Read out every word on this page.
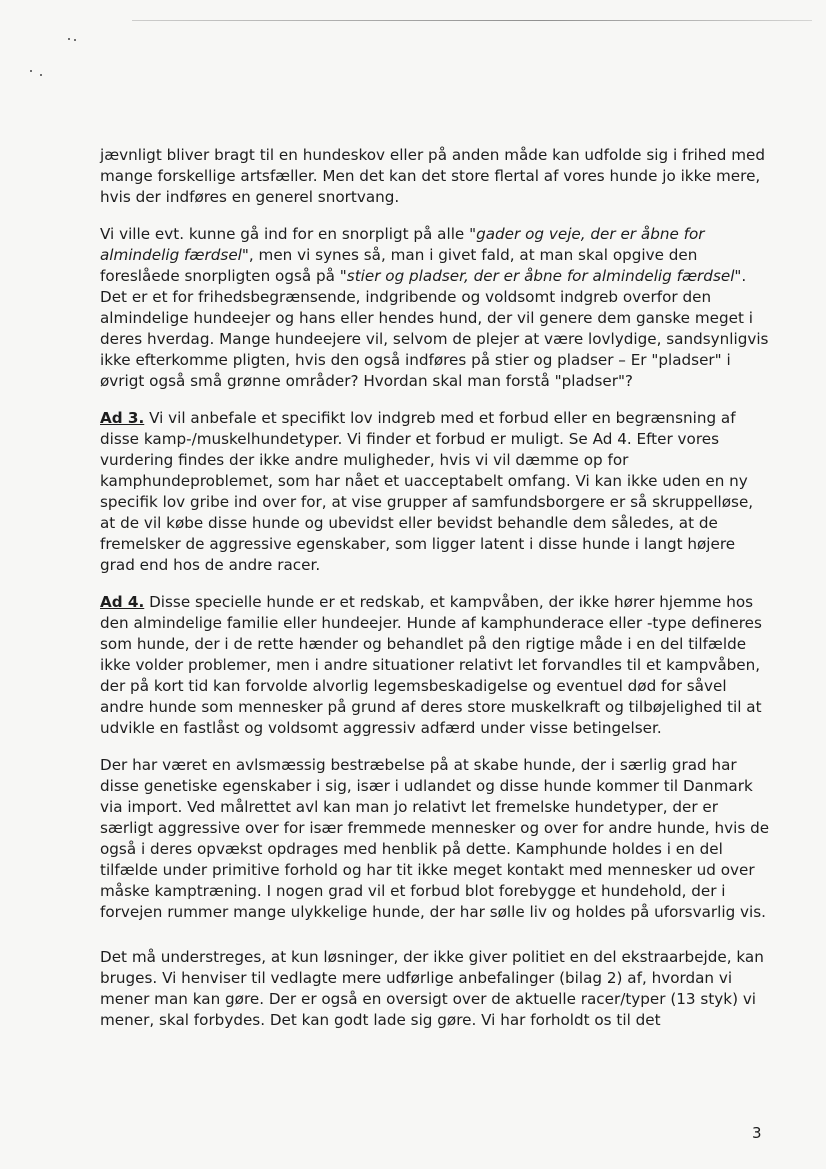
jævnligt bliver bragt til en hundeskov eller på anden måde kan udfolde sig i frihed med mange forskellige artsfæller. Men det kan det store flertal af vores hunde jo ikke mere, hvis der indføres en generel snortvang.

Vi ville evt. kunne gå ind for en snorpligt på alle "gader og veje, der er åbne for almindelig færdsel", men vi synes så, man i givet fald, at man skal opgive den foreslåede snorpligten også på "stier og pladser, der er åbne for almindelig færdsel". Det er et for frihedsbegrænsende, indgribende og voldsomt indgreb overfor den almindelige hundeejer og hans eller hendes hund, der vil genere dem ganske meget i deres hverdag. Mange hundeejere vil, selvom de plejer at være lovlydige, sandsynligvis ikke efterkomme pligten, hvis den også indføres på stier og pladser – Er "pladser" i øvrigt også små grønne områder? Hvordan skal man forstå "pladser"?

Ad 3. Vi vil anbefale et specifikt lov indgreb med et forbud eller en begrænsning af disse kamp-/muskelhundetyper. Vi finder et forbud er muligt. Se Ad 4. Efter vores vurdering findes der ikke andre muligheder, hvis vi vil dæmme op for kamphundeproblemet, som har nået et uacceptabelt omfang. Vi kan ikke uden en ny specifik lov gribe ind over for, at vise grupper af samfundsborgere er så skruppelløse, at de vil købe disse hunde og ubevidst eller bevidst behandle dem således, at de fremelsker de aggressive egenskaber, som ligger latent i disse hunde i langt højere grad end hos de andre racer.

Ad 4. Disse specielle hunde er et redskab, et kampvåben, der ikke hører hjemme hos den almindelige familie eller hundeejer. Hunde af kamphunderace eller -type defineres som hunde, der i de rette hænder og behandlet på den rigtige måde i en del tilfælde ikke volder problemer, men i andre situationer relativt let forvandles til et kampvåben, der på kort tid kan forvolde alvorlig legemsbeskadigelse og eventuel død for såvel andre hunde som mennesker på grund af deres store muskelkraft og tilbøjelighed til at udvikle en fastlåst og voldsomt aggressiv adfærd under visse betingelser.

Der har været en avlsmæssig bestræbelse på at skabe hunde, der i særlig grad har disse genetiske egenskaber i sig, især i udlandet og disse hunde kommer til Danmark via import. Ved målrettet avl kan man jo relativt let fremelske hundetyper, der er særligt aggressive over for især fremmede mennesker og over for andre hunde, hvis de også i deres opvækst opdrages med henblik på dette. Kamphunde holdes i en del tilfælde under primitive forhold og har tit ikke meget kontakt med mennesker ud over måske kamptræning. I nogen grad vil et forbud blot forebygge et hundehold, der i forvejen rummer mange ulykkelige hunde, der har sølle liv og holdes på uforsvarlig vis.

Det må understreges, at kun løsninger, der ikke giver politiet en del ekstraarbejde, kan bruges. Vi henviser til vedlagte mere udførlige anbefalinger (bilag 2) af, hvordan vi mener man kan gøre. Der er også en oversigt over de aktuelle racer/typer (13 styk) vi mener, skal forbydes. Det kan godt lade sig gøre. Vi har forholdt os til det

3
